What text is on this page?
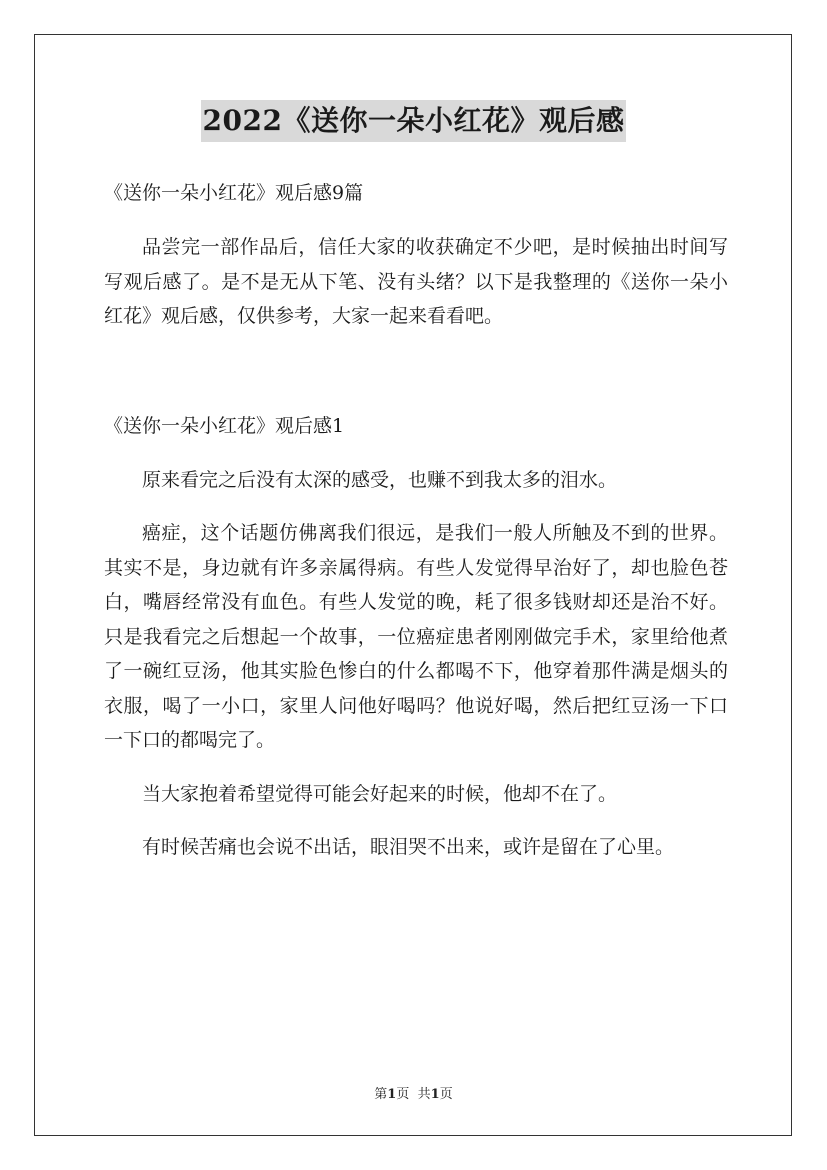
2022《送你一朵小红花》观后感

《送你一朵小红花》观后感9篇

品尝完一部作品后，信任大家的收获确定不少吧，是时候抽出时间写写观后感了。是不是无从下笔、没有头绪？以下是我整理的《送你一朵小红花》观后感，仅供参考，大家一起来看看吧。

《送你一朵小红花》观后感1

原来看完之后没有太深的感受，也赚不到我太多的泪水。

癌症，这个话题仿佛离我们很远，是我们一般人所触及不到的世界。其实不是，身边就有许多亲属得病。有些人发觉得早治好了，却也脸色苍白，嘴唇经常没有血色。有些人发觉的晚，耗了很多钱财却还是治不好。只是我看完之后想起一个故事，一位癌症患者刚刚做完手术，家里给他煮了一碗红豆汤，他其实脸色惨白的什么都喝不下，他穿着那件满是烟头的衣服，喝了一小口，家里人问他好喝吗？他说好喝，然后把红豆汤一下口一下口的都喝完了。

当大家抱着希望觉得可能会好起来的时候，他却不在了。

有时候苦痛也会说不出话，眼泪哭不出来，或许是留在了心里。

第1页 共1页
